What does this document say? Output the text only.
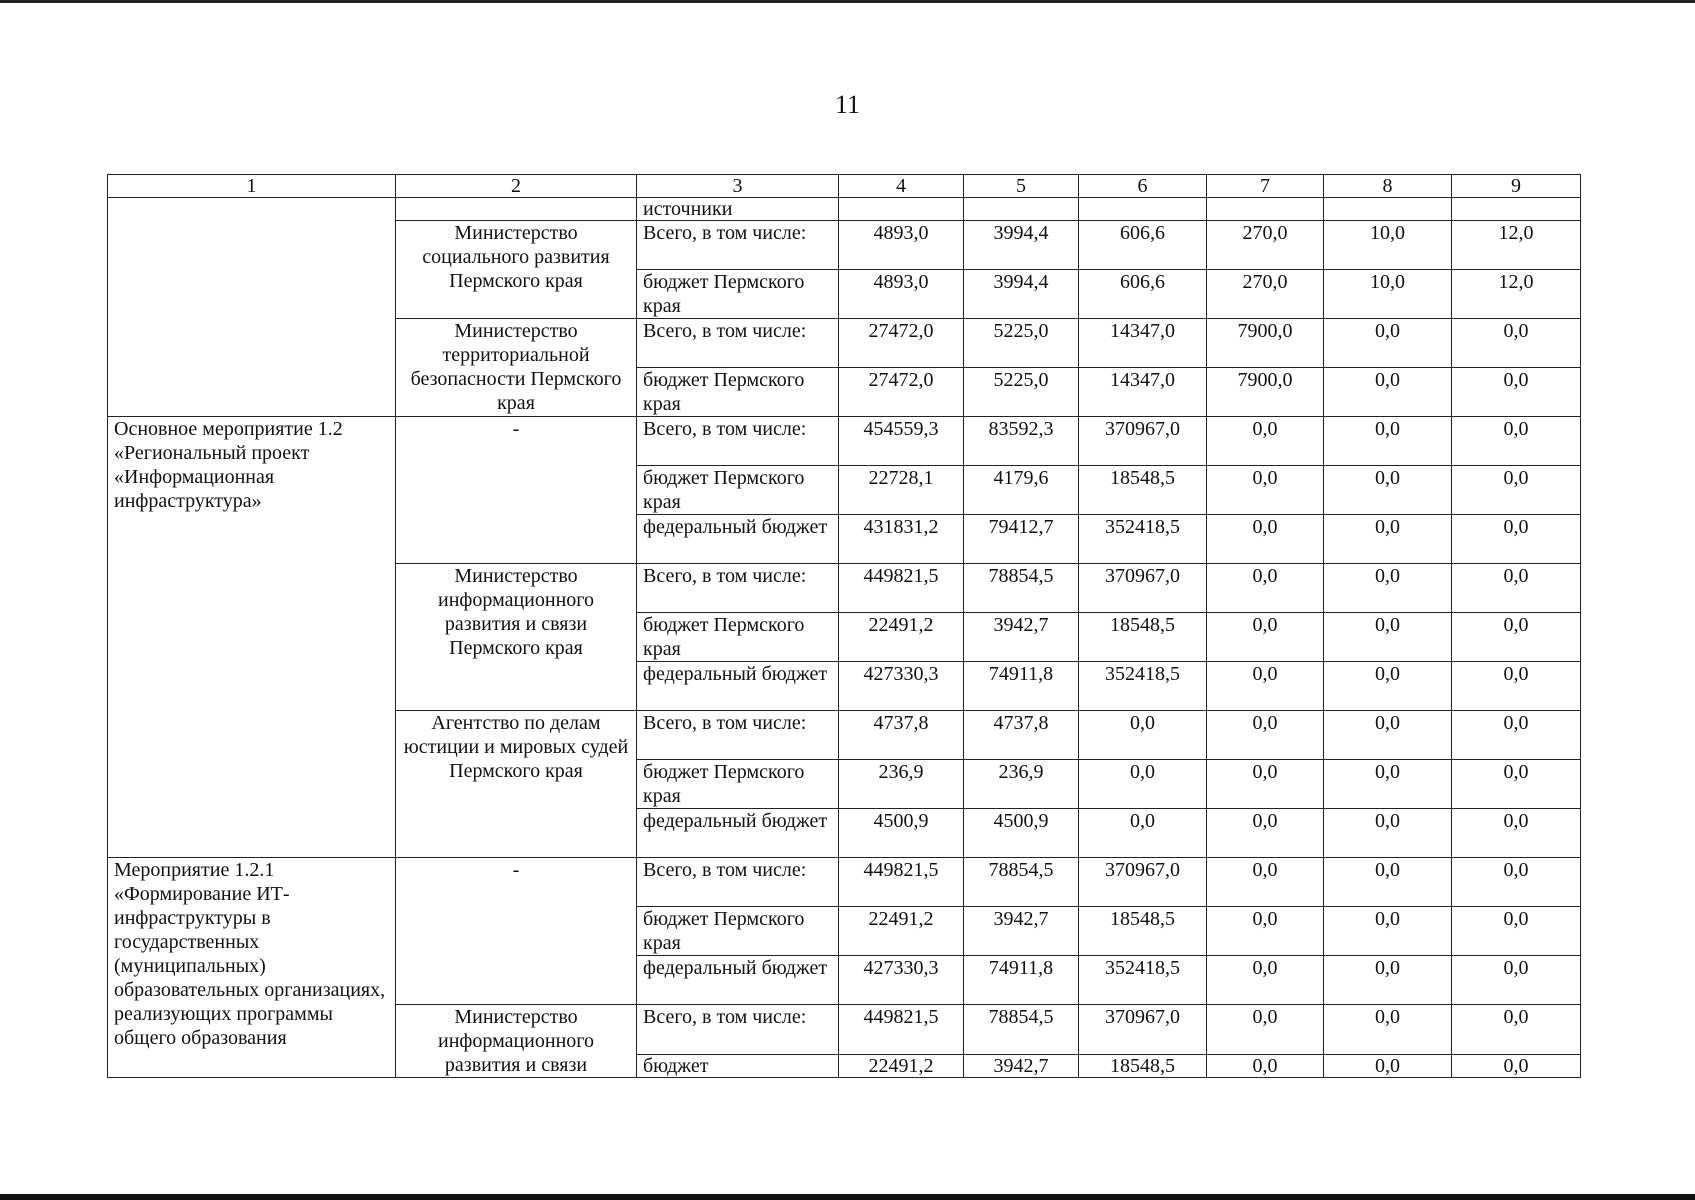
11
1	2	3	4	5	6	7	8	9
		источники						
	Министерство социального развития Пермского края	Всего, в том числе:	4893,0	3994,4	606,6	270,0	10,0	12,0
		бюджет Пермского края	4893,0	3994,4	606,6	270,0	10,0	12,0
	Министерство территориальной безопасности Пермского края	Всего, в том числе:	27472,0	5225,0	14347,0	7900,0	0,0	0,0
		бюджет Пермского края	27472,0	5225,0	14347,0	7900,0	0,0	0,0
Основное мероприятие 1.2 «Региональный проект «Информационная инфраструктура»	-	Всего, в том числе:	454559,3	83592,3	370967,0	0,0	0,0	0,0
		бюджет Пермского края	22728,1	4179,6	18548,5	0,0	0,0	0,0
		федеральный бюджет	431831,2	79412,7	352418,5	0,0	0,0	0,0
	Министерство информационного развития и связи Пермского края	Всего, в том числе:	449821,5	78854,5	370967,0	0,0	0,0	0,0
		бюджет Пермского края	22491,2	3942,7	18548,5	0,0	0,0	0,0
		федеральный бюджет	427330,3	74911,8	352418,5	0,0	0,0	0,0
	Агентство по делам юстиции и мировых судей Пермского края	Всего, в том числе:	4737,8	4737,8	0,0	0,0	0,0	0,0
		бюджет Пермского края	236,9	236,9	0,0	0,0	0,0	0,0
		федеральный бюджет	4500,9	4500,9	0,0	0,0	0,0	0,0
Мероприятие 1.2.1 «Формирование ИТ-инфраструктуры в государственных (муниципальных) образовательных организациях, реализующих программы общего образования	-	Всего, в том числе:	449821,5	78854,5	370967,0	0,0	0,0	0,0
		бюджет Пермского края	22491,2	3942,7	18548,5	0,0	0,0	0,0
		федеральный бюджет	427330,3	74911,8	352418,5	0,0	0,0	0,0
	Министерство информационного развития и связи	Всего, в том числе:	449821,5	78854,5	370967,0	0,0	0,0	0,0
		бюджет	22491,2	3942,7	18548,5	0,0	0,0	0,0
